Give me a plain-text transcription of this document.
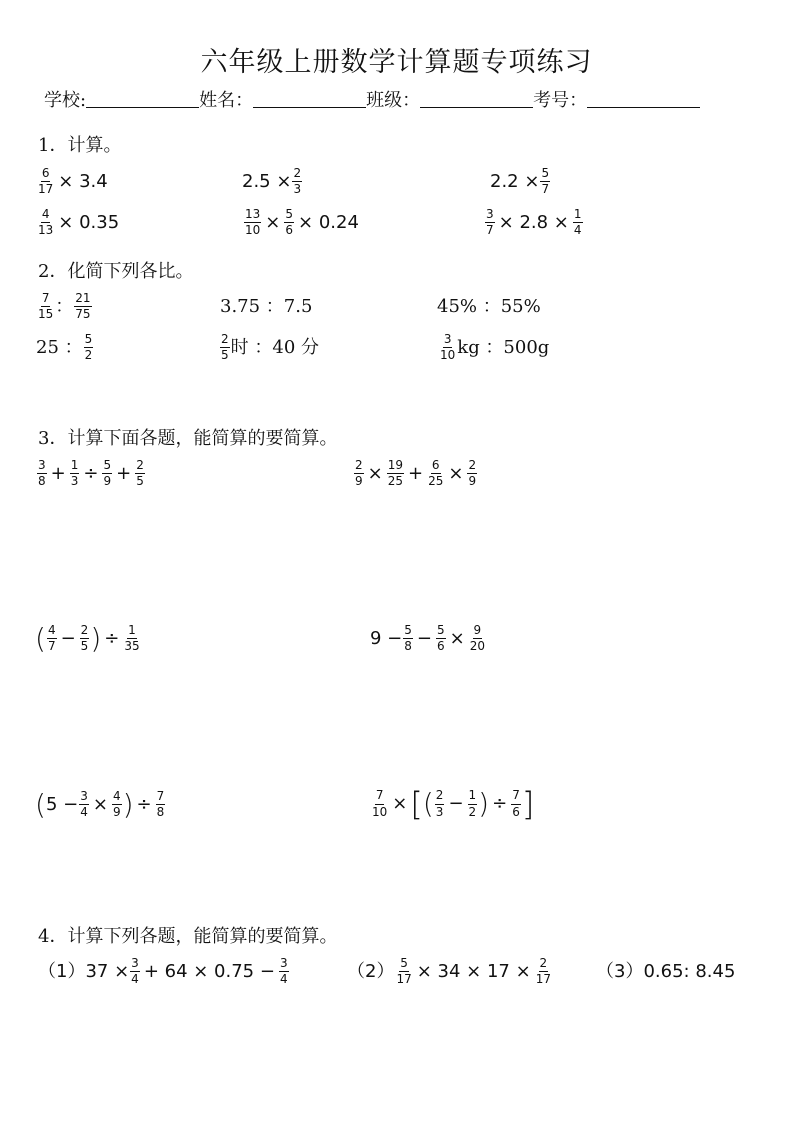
六年级上册数学计算题专项练习
学校:	姓名：	班级：	考号：
1．计算。
$\frac{6}{17} \times 3.4$	$2.5 \times \frac{2}{3}$	$2.2 \times \frac{5}{7}$
$\frac{4}{13} \times 0.35$	$\frac{13}{10} \times \frac{5}{6} \times 0.24$	$\frac{3}{7} \times 2.8 \times \frac{1}{4}$
2．化简下列各比。
$\frac{7}{15}$ ： $\frac{21}{75}$	3.75 ：7.5	45% ：55%
25 ： $\frac{5}{2}$	$\frac{2}{5}$ 时 ：40 分	$\frac{3}{10}$ kg ：500g
3．计算下面各题，能简算的要简算。
$\frac{3}{8} + \frac{1}{3} \div \frac{5}{9} + \frac{2}{5}$	$\frac{2}{9} \times \frac{19}{25} + \frac{6}{25} \times \frac{2}{9}$
( $\frac{4}{7} - \frac{2}{5}$ ) ÷ $\frac{1}{35}$	$9 - \frac{5}{8} - \frac{5}{6} \times \frac{9}{20}$
($5 - \frac{3}{4} \times \frac{4}{9}$ ) ÷ $\frac{7}{8}$	$\frac{7}{10}$ ×[( $\frac{2}{3} - \frac{1}{2}$ ) ÷ $\frac{7}{6}$ ]
4．计算下列各题，能简算的要简算。
$(1)37 \times \frac{3}{4} + 64 \times 0.75 - \frac{3}{4}$	$(2) \frac{5}{17} \times 34 \times 17 \times \frac{2}{17} (3)0.65$: 8.45
